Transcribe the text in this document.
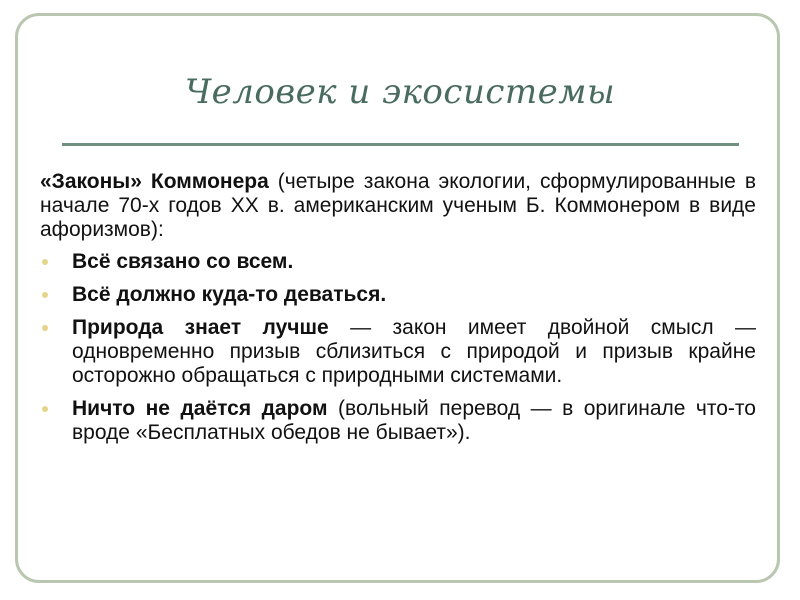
Человек и экосистемы

«Законы» Коммонера (четыре закона экологии, сформулированные в начале 70-х годов XX в. американским ученым Б. Коммонером в виде афоризмов):

Всё связано со всем.
Всё должно куда-то деваться.
Природа знает лучше — закон имеет двойной смысл — одновременно призыв сблизиться с природой и призыв крайне осторожно обращаться с природными системами.
Ничто не даётся даром (вольный перевод — в оригинале что-то вроде «Бесплатных обедов не бывает»).
